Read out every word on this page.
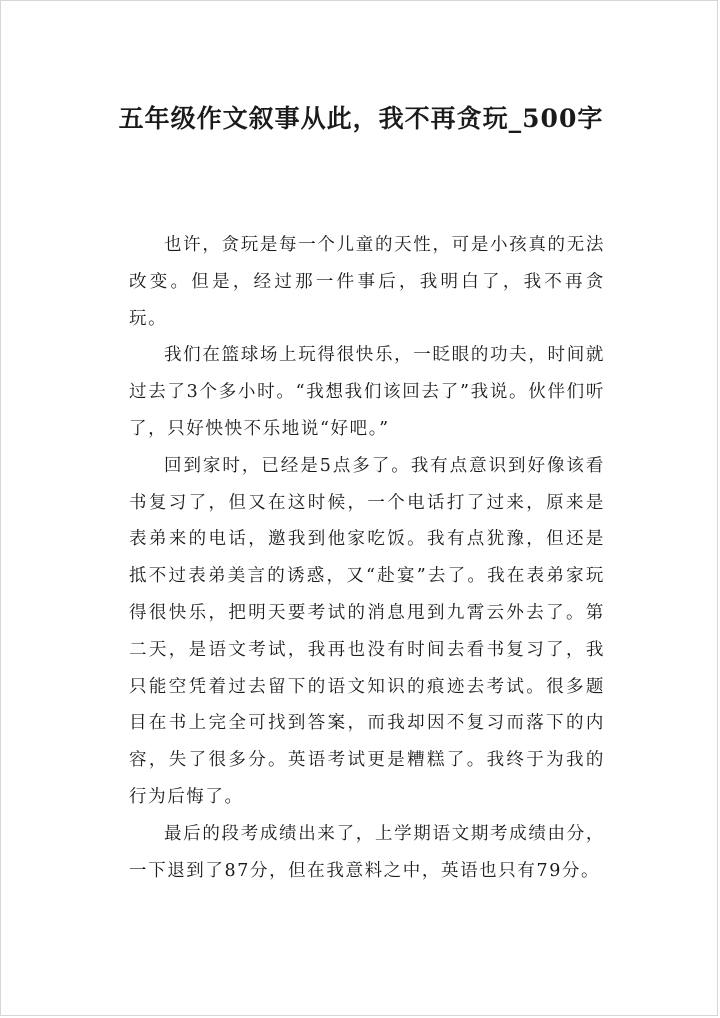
五年级作文叙事从此，我不再贪玩_500字

也许，贪玩是每一个儿童的天性，可是小孩真的无法改变。但是，经过那一件事后，我明白了，我不再贪玩。

我们在篮球场上玩得很快乐，一眨眼的功夫，时间就过去了3个多小时。“我想我们该回去了”我说。伙伴们听了，只好怏怏不乐地说“好吧。”

回到家时，已经是5点多了。我有点意识到好像该看书复习了，但又在这时候，一个电话打了过来，原来是表弟来的电话，邀我到他家吃饭。我有点犹豫，但还是抵不过表弟美言的诱惑，又“赴宴”去了。我在表弟家玩得很快乐，把明天要考试的消息甩到九霄云外去了。第二天，是语文考试，我再也没有时间去看书复习了，我只能空凭着过去留下的语文知识的痕迹去考试。很多题目在书上完全可找到答案，而我却因不复习而落下的内容，失了很多分。英语考试更是糟糕了。我终于为我的行为后悔了。

最后的段考成绩出来了，上学期语文期考成绩由分，一下退到了87分，但在我意料之中，英语也只有79分。
